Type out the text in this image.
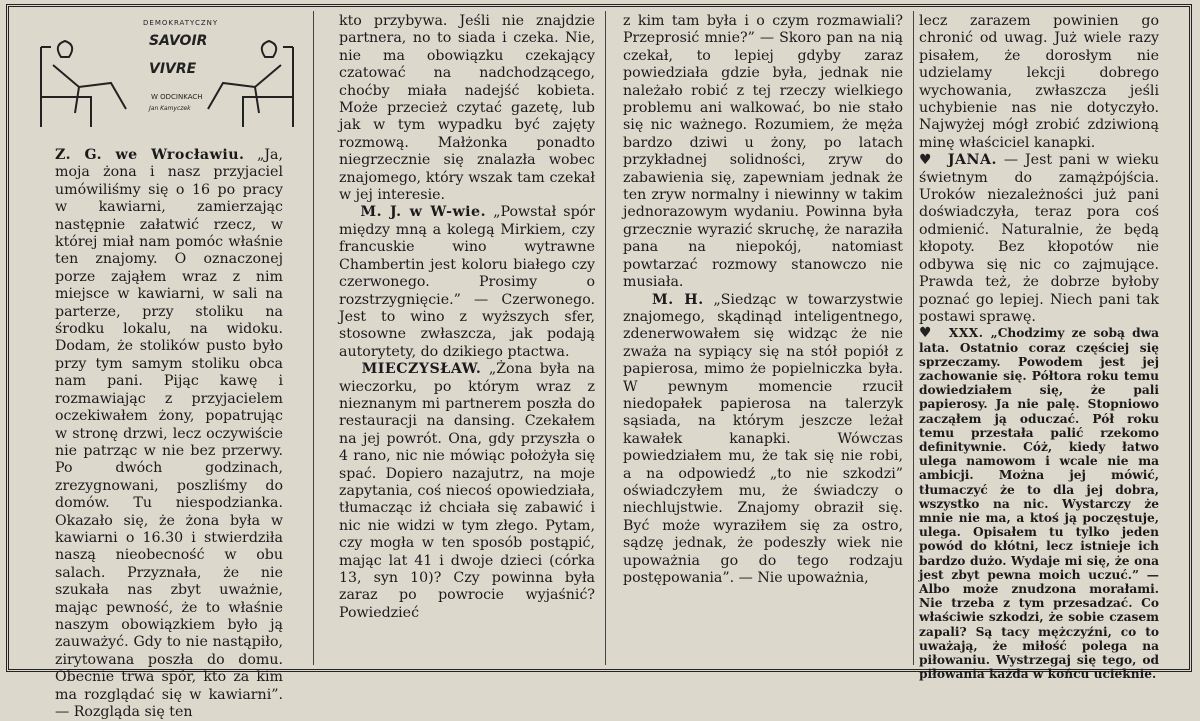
DEMOKRATYCZNY
SAVOIR
VIVRE
W ODCINKACH
Jan Kamyczek

Z. G. we Wrocławiu. „Ja, moja żona i nasz przyjaciel umówiliśmy się o 16 po pracy w kawiarni, zamierzając następnie załatwić rzecz, w której miał nam pomóc właśnie ten znajomy. O oznaczonej porze zająłem wraz z nim miejsce w kawiarni, w sali na parterze, przy stoliku na środku lokalu, na widoku. Dodam, że stolików pusto było przy tym samym stoliku obca nam pani. Pijąc kawę i rozmawiając z przyjacielem oczekiwałem żony, popatrując w stronę drzwi, lecz oczywiście nie patrząc w nie bez przerwy. Po dwóch godzinach, zrezygnowani, poszliśmy do domów. Tu niespodzianka. Okazało się, że żona była w kawiarni o 16.30 i stwierdziła naszą nieobecność w obu salach. Przyznała, że nie szukała nas zbyt uważnie, mając pewność, że to właśnie naszym obowiązkiem było ją zauważyć. Gdy to nie nastąpiło, zirytowana poszła do domu. Obecnie trwa spór, kto za kim ma rozglądać się w kawiarni”. — Rozgląda się ten

kto przybywa. Jeśli nie znajdzie partnera, no to siada i czeka. Nie, nie ma obowiązku czekający czatować na nadchodzącego, choćby miała nadejść kobieta. Może przecież czytać gazetę, lub jak w tym wypadku być zajęty rozmową. Małżonka ponadto niegrzecznie się znalazła wobec znajomego, który wszak tam czekał w jej interesie.

M. J. w W-wie. „Powstał spór między mną a kolegą Mirkiem, czy francuskie wino wytrawne Chambertin jest koloru białego czy czerwonego. Prosimy o rozstrzygnięcie.” — Czerwonego. Jest to wino z wyższych sfer, stosowne zwłaszcza, jak podają autorytety, do dzikiego ptactwa.

MIECZYSŁAW. „Żona była na wieczorku, po którym wraz z nieznanym mi partnerem poszła do restauracji na dansing. Czekałem na jej powrót. Ona, gdy przyszła o 4 rano, nic nie mówiąc położyła się spać. Dopiero nazajutrz, na moje zapytania, coś niecoś opowiedziała, tłumacząc iż chciała się zabawić i nic nie widzi w tym złego. Pytam, czy mogła w ten sposób postąpić, mając lat 41 i dwoje dzieci (córka 13, syn 10)? Czy powinna była zaraz po powrocie wyjaśnić? Powiedzieć

z kim tam była i o czym rozmawiali? Przeprosić mnie?” — Skoro pan na nią czekał, to lepiej gdyby zaraz powiedziała gdzie była, jednak nie należało robić z tej rzeczy wielkiego problemu ani walkować, bo nie stało się nic ważnego. Rozumiem, że męża bardzo dziwi u żony, po latach przykładnej solidności, zryw do zabawienia się, zapewniam jednak że ten zryw normalny i niewinny w takim jednorazowym wydaniu. Powinna była grzecznie wyrazić skruchę, że naraziła pana na niepokój, natomiast powtarzać rozmowy stanowczo nie musiała.

M. H. „Siedząc w towarzystwie znajomego, skądinąd inteligentnego, zdenerwowałem się widząc że nie zważa na sypiący się na stół popiół z papierosa, mimo że popielniczka była. W pewnym momencie rzucił niedopałek papierosa na talerzyk sąsiada, na którym jeszcze leżał kawałek kanapki. Wówczas powiedziałem mu, że tak się nie robi, a na odpowiedź „to nie szkodzi” oświadczyłem mu, że świadczy o niechlujstwie. Znajomy obraził się. Być może wyraziłem się za ostro, sądzę jednak, że podeszły wiek nie upoważnia go do tego rodzaju postępowania”. — Nie upoważnia,

lecz zarazem powinien go chronić od uwag. Już wiele razy pisałem, że dorosłym nie udzielamy lekcji dobrego wychowania, zwłaszcza jeśli uchybienie nas nie dotyczyło. Najwyżej mógł zrobić zdziwioną minę właściciel kanapki.

♥ JANA. — Jest pani w wieku świetnym do zamążpójścia. Uroków niezależności już pani doświadczyła, teraz pora coś odmienić. Naturalnie, że będą kłopoty. Bez kłopotów nie odbywa się nic co zajmujące. Prawda też, że dobrze byłoby poznać go lepiej. Niech pani tak postawi sprawę.

♥ XXX. „Chodzimy ze sobą dwa lata. Ostatnio coraz częściej się sprzeczamy. Powodem jest jej zachowanie się. Półtora roku temu dowiedziałem się, że pali papierosy. Ja nie palę. Stopniowo zacząłem ją oduczać. Pół roku temu przestała palić rzekomo definitywnie. Cóż, kiedy łatwo ulega namowom i wcale nie ma ambicji. Można jej mówić, tłumaczyć że to dla jej dobra, wszystko na nic. Wystarczy że mnie nie ma, a ktoś ją poczęstuje, ulega. Opisałem tu tylko jeden powód do kłótni, lecz istnieje ich bardzo dużo. Wydaje mi się, że ona jest zbyt pewna moich uczuć.” — Albo może znudzona morałami. Nie trzeba z tym przesadzać. Co właściwie szkodzi, że sobie czasem zapali? Są tacy mężczyźni, co to uważają, że miłość polega na piłowaniu. Wystrzegaj się tego, od piłowania każda w końcu ucieknie.
